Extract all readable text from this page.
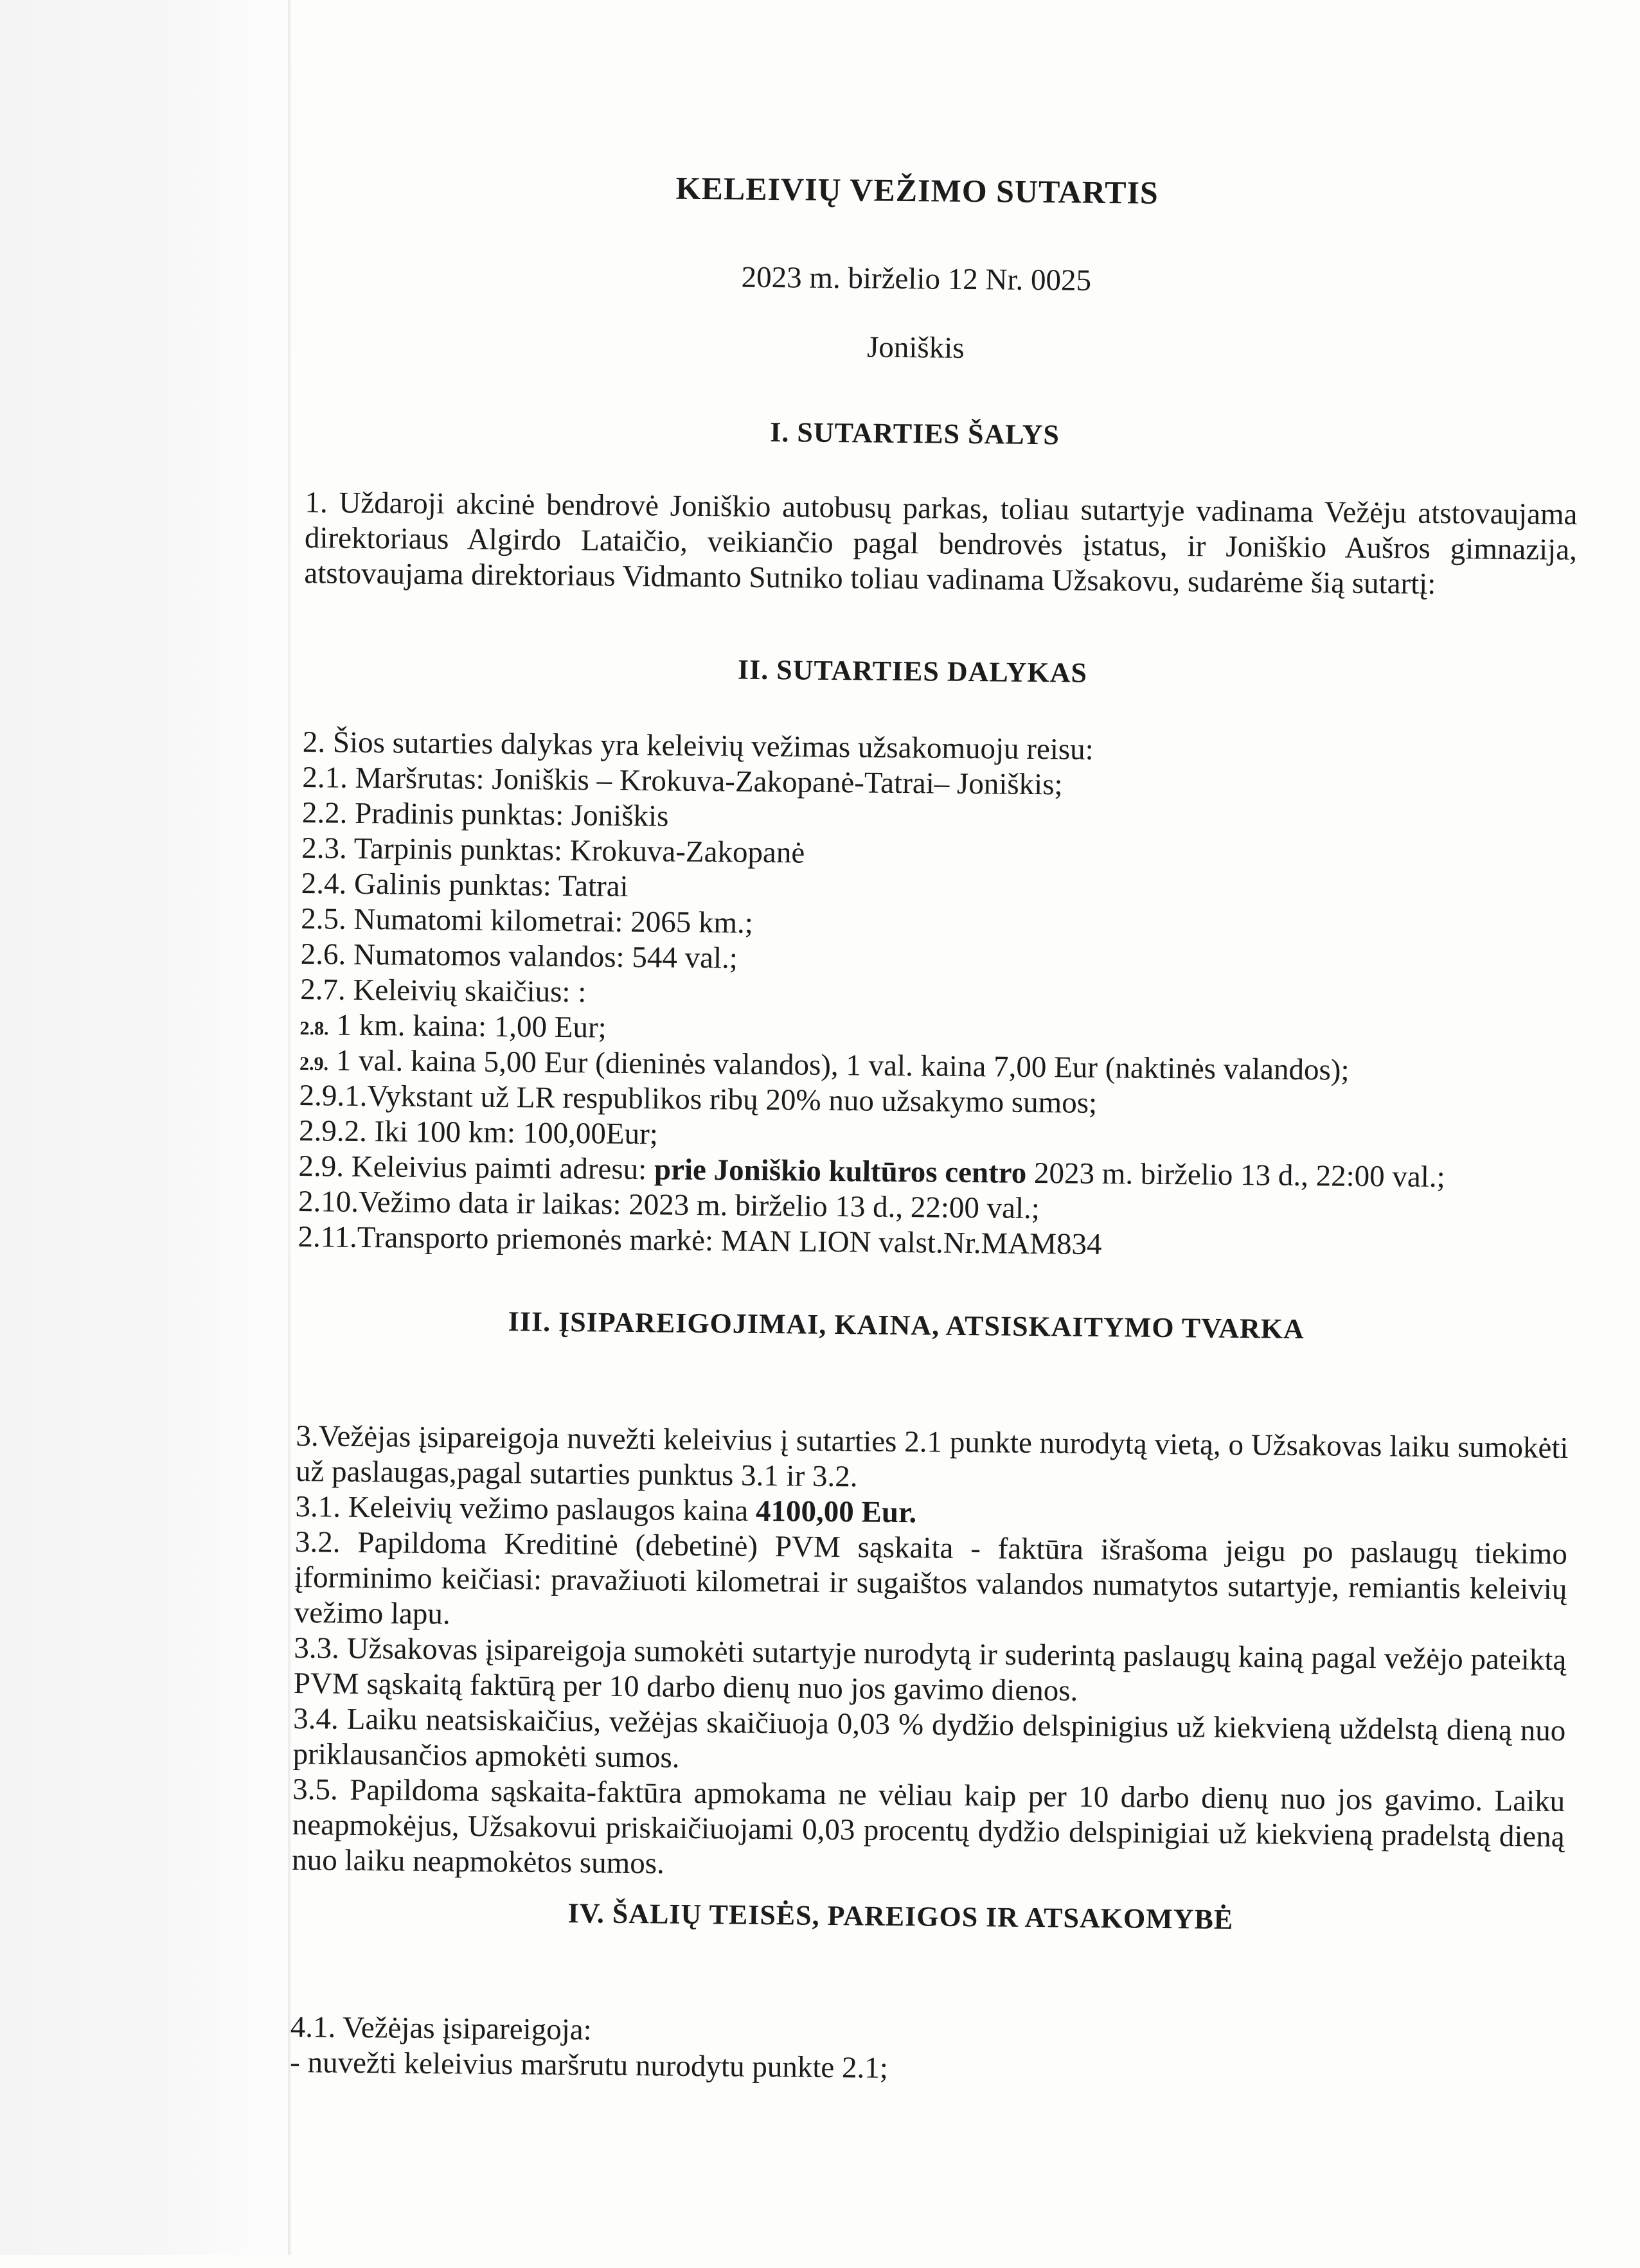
KELEIVIŲ VEŽIMO SUTARTIS
2023 m. birželio 12 Nr. 0025
Joniškis
I. SUTARTIES ŠALYS
1. Uždaroji akcinė bendrovė Joniškio autobusų parkas, toliau sutartyje vadinama Vežėju atstovaujama direktoriaus Algirdo Lataičio, veikiančio pagal bendrovės įstatus, ir Joniškio Aušros gimnazija, atstovaujama direktoriaus Vidmanto Sutniko toliau vadinama Užsakovu, sudarėme šią sutartį:
II. SUTARTIES DALYKAS
2. Šios sutarties dalykas yra keleivių vežimas užsakomuoju reisu:
2.1. Maršrutas: Joniškis – Krokuva-Zakopanė-Tatrai– Joniškis;
2.2. Pradinis punktas: Joniškis
2.3. Tarpinis punktas: Krokuva-Zakopanė
2.4. Galinis punktas: Tatrai
2.5. Numatomi kilometrai: 2065 km.;
2.6. Numatomos valandos: 544 val.;
2.7. Keleivių skaičius: :
2.8. 1 km. kaina: 1,00 Eur;
2.9. 1 val. kaina 5,00 Eur (dieninės valandos), 1 val. kaina 7,00 Eur (naktinės valandos);
2.9.1.Vykstant už LR respublikos ribų 20% nuo užsakymo sumos;
2.9.2. Iki 100 km: 100,00Eur;
2.9. Keleivius paimti adresu: prie Joniškio kultūros centro 2023 m. birželio 13 d., 22:00 val.;
2.10.Vežimo data ir laikas: 2023 m. birželio 13 d., 22:00 val.;
2.11.Transporto priemonės markė: MAN LION valst.Nr.MAM834
III. ĮSIPAREIGOJIMAI, KAINA, ATSISKAITYMO TVARKA
3.Vežėjas įsipareigoja nuvežti keleivius į sutarties 2.1 punkte nurodytą vietą, o Užsakovas laiku sumokėti už paslaugas,pagal sutarties punktus 3.1 ir 3.2.
3.1. Keleivių vežimo paslaugos kaina 4100,00 Eur.
3.2. Papildoma Kreditinė (debetinė) PVM sąskaita - faktūra išrašoma jeigu po paslaugų tiekimo įforminimo keičiasi: pravažiuoti kilometrai ir sugaištos valandos numatytos sutartyje, remiantis keleivių vežimo lapu.
3.3. Užsakovas įsipareigoja sumokėti sutartyje nurodytą ir suderintą paslaugų kainą pagal vežėjo pateiktą PVM sąskaitą faktūrą per 10 darbo dienų nuo jos gavimo dienos.
3.4. Laiku neatsiskaičius, vežėjas skaičiuoja 0,03 % dydžio delspinigius už kiekvieną uždelstą dieną nuo priklausančios apmokėti sumos.
3.5. Papildoma sąskaita-faktūra apmokama ne vėliau kaip per 10 darbo dienų nuo jos gavimo. Laiku neapmokėjus, Užsakovui priskaičiuojami 0,03 procentų dydžio delspinigiai už kiekvieną pradelstą dieną nuo laiku neapmokėtos sumos.
IV. ŠALIŲ TEISĖS, PAREIGOS IR ATSAKOMYBĖ
4.1. Vežėjas įsipareigoja:
- nuvežti keleivius maršrutu nurodytu punkte 2.1;
